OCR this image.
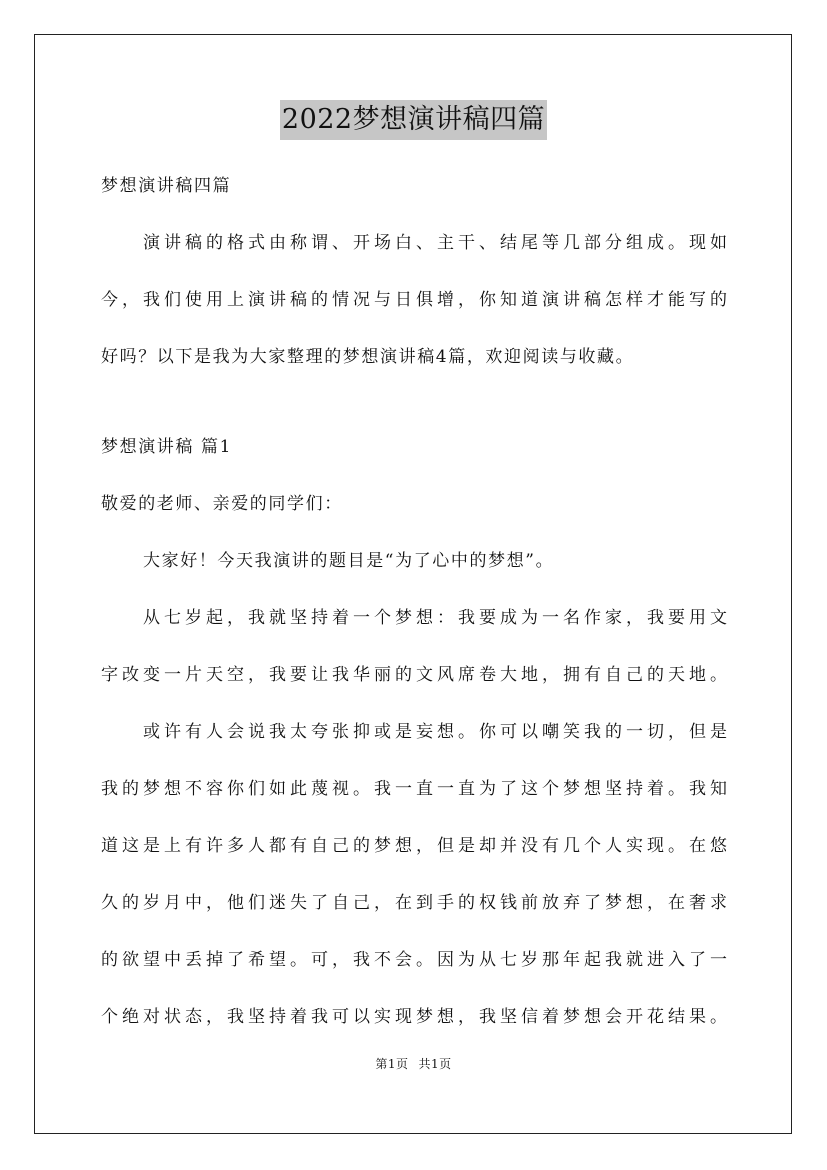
2022梦想演讲稿四篇
梦想演讲稿四篇
演讲稿的格式由称谓、开场白、主干、结尾等几部分组成。现如
今，我们使用上演讲稿的情况与日俱增，你知道演讲稿怎样才能写的
好吗？以下是我为大家整理的梦想演讲稿4篇，欢迎阅读与收藏。
梦想演讲稿 篇1
敬爱的老师、亲爱的同学们：
大家好！今天我演讲的题目是“为了心中的梦想”。
从七岁起，我就坚持着一个梦想：我要成为一名作家，我要用文
字改变一片天空，我要让我华丽的文风席卷大地，拥有自己的天地。
或许有人会说我太夸张抑或是妄想。你可以嘲笑我的一切，但是
我的梦想不容你们如此蔑视。我一直一直为了这个梦想坚持着。我知
道这是上有许多人都有自己的梦想，但是却并没有几个人实现。在悠
久的岁月中，他们迷失了自己，在到手的权钱前放弃了梦想，在奢求
的欲望中丢掉了希望。可，我不会。因为从七岁那年起我就进入了一
个绝对状态，我坚持着我可以实现梦想，我坚信着梦想会开花结果。
第1页 共1页
